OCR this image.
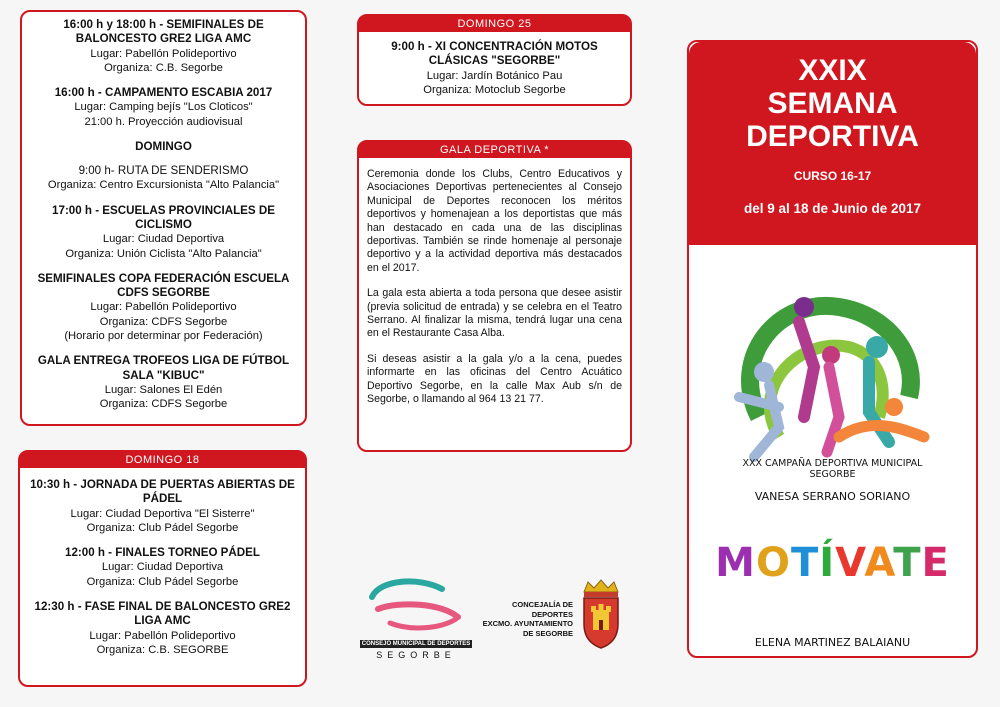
16:00 h y 18:00 h - SEMIFINALES DE BALONCESTO GRE2 LIGA AMC
Lugar: Pabellón Polideportivo
Organiza: C.B. Segorbe
16:00 h - CAMPAMENTO ESCABIA 2017
Lugar: Camping bejís "Los Cloticos"
21:00 h. Proyección audiovisual
DOMINGO
9:00 h- RUTA DE SENDERISMO
Organiza: Centro Excursionista "Alto Palancia"
17:00 h - ESCUELAS PROVINCIALES DE CICLISMO
Lugar: Ciudad Deportiva
Organiza: Unión Ciclista "Alto Palancia"
SEMIFINALES COPA FEDERACIÓN ESCUELA CDFS SEGORBE
Lugar: Pabellón Polideportivo
Organiza: CDFS Segorbe
(Horario por determinar por Federación)
GALA ENTREGA TROFEOS LIGA DE FÚTBOL SALA "KIBUC"
Lugar: Salones El Edén
Organiza: CDFS Segorbe
DOMINGO 18
10:30 h - JORNADA DE PUERTAS ABIERTAS DE PÁDEL
Lugar: Ciudad Deportiva "El Sisterre"
Organiza: Club Pádel Segorbe
12:00 h - FINALES TORNEO PÁDEL
Lugar: Ciudad Deportiva
Organiza: Club Pádel Segorbe
12:30 h - FASE FINAL DE BALONCESTO GRE2 LIGA AMC
Lugar: Pabellón Polideportivo
Organiza: C.B. SEGORBE
DOMINGO 25
9:00 h - XI CONCENTRACIÓN MOTOS CLÁSICAS "SEGORBE"
Lugar: Jardín Botánico Pau
Organiza: Motoclub Segorbe
GALA DEPORTIVA *

Ceremonia donde los Clubs, Centro Educativos y Asociaciones Deportivas pertenecientes al Consejo Municipal de Deportes reconocen los méritos deportivos y homenajean a los deportistas que más han destacado en cada una de las disciplinas deportivas. También se rinde homenaje al personaje deportivo y a la actividad deportiva más destacados en el 2017.

La gala esta abierta a toda persona que desee asistir (previa solicitud de entrada) y se celebra en el Teatro Serrano. Al finalizar la misma, tendrá lugar una cena en el Restaurante Casa Alba.

Si deseas asistir a la gala y/o a la cena, puedes informarte en las oficinas del Centro Acuático Deportivo Segorbe, en la calle Max Aub s/n de Segorbe, o llamando al 964 13 21 77.

CONSEJO MUNICIPAL DE DEPORTES
SEGORBE
CONCEJALÍA DE
DEPORTES
EXCMO. AYUNTAMIENTO
DE SEGORBE
XXIX
SEMANA
DEPORTIVA
CURSO 16-17
del 9 al 18 de Junio de 2017
XXX CAMPAÑA DEPORTIVA MUNICIPAL
SEGORBE
VANESA SERRANO SORIANO
MOTÍVATE
ELENA MARTINEZ BALAIANU
